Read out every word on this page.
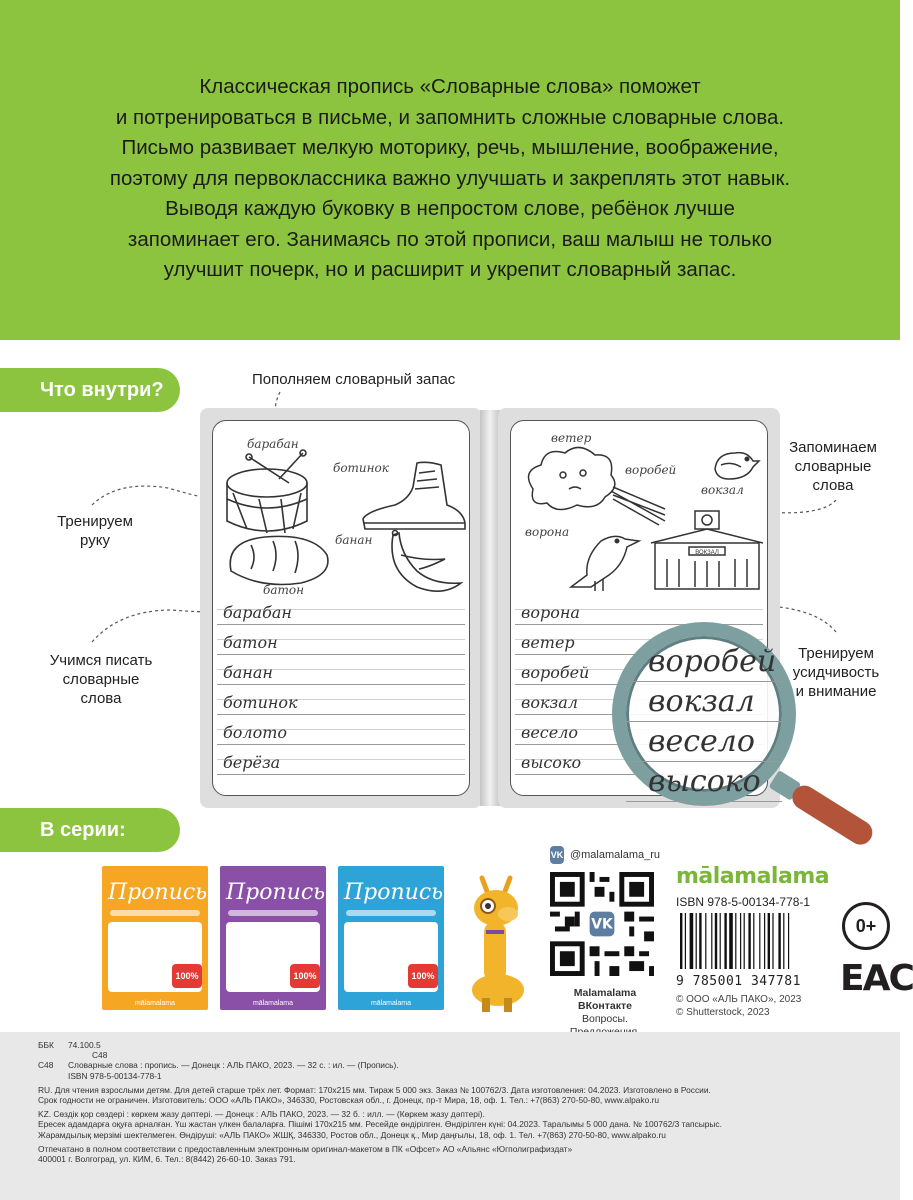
Классическая пропись «Словарные слова» поможет
и потренироваться в письме, и запомнить сложные словарные слова.
Письмо развивает мелкую моторику, речь, мышление, воображение,
поэтому для первоклассника важно улучшать и закреплять этот навык.
Выводя каждую буковку в непростом слове, ребёнок лучше
запоминает его. Занимаясь по этой прописи, ваш малыш не только
улучшит почерк, но и расширит и укрепит словарный запас.
Что внутри?	Пополняем словарный запас
Запоминаем
словарные
слова
Тренируем
руку
Учимся писать
словарные
слова
Тренируем
усидчивость
и внимание
барабан
ботинок
батон
банан
барабан
батон
банан
ботинок
болото
берёза
ветер
воробей
вокзал
ВОКЗАЛ
ворона
ворона
ветер
воробей
вокзал
весело
высоко
воробей
вокзал
весело
высоко
В серии:
Пропись
100%
mālamalama
Пропись
100%
mālamalama
Пропись
100%
mālamalama
VK @malamalama_ru
VK
Malamalama ВКонтакте
Вопросы.
mālamalama
ISBN 978-5-00134-778-1
9 785001 347781
© ООО «АЛЬ ПАКО», 2023
© Shutterstock, 2023
0+
EAC
ББК	74.100.5
С48
С48	Словарные слова : пропись. — Донецк : АЛЬ ПАКО, 2023. — 32 с. : ил. — (Пропись).
ISBN 978-5-00134-778-1
RU. Для чтения взрослыми детям. Для детей старше трёх лет. Формат: 170х215 мм. Тираж 5 000 экз. Заказ № 100762/3. Дата изготовления: 04.2023. Изготовлено в России.
Срок годности не ограничен. Изготовитель: ООО «АЛЬ ПАКО», 346330, Ростовская обл., г. Донецк, пр-т Мира, 18, оф. 1. Тел.: +7(863) 270-50-80, www.alpako.ru
KZ. Сөздік қор сөздері : көркем жазу дәптері. — Донецк : АЛЬ ПАКО, 2023. — 32 б. : илл. — (Көркем жазу дәптері).
Ересек адамдарға оқуға арналған. Үш жастан үлкен балаларға. Пішімі 170х215 мм. Ресейде өндірілген. Өндірілген күні: 04.2023. Таралымы 5 000 дана. № 100762/3 тапсырыс.
Жарамдылық мерзімі шектелмеген. Өндіруші: «АЛЬ ПАКО» ЖШҚ, 346330, Ростов обл., Донецк қ., Мир даңғылы, 18, оф. 1. Тел. +7(863) 270-50-80, www.alpako.ru
Отпечатано в полном соответствии с предоставленным электронным оригинал-макетом в ПК «Офсет» АО «Альянс «Югполиграфиздат»
400001 г. Волгоград, ул. КИМ, 6. Тел.: 8(8442) 26-60-10. Заказ 791.
